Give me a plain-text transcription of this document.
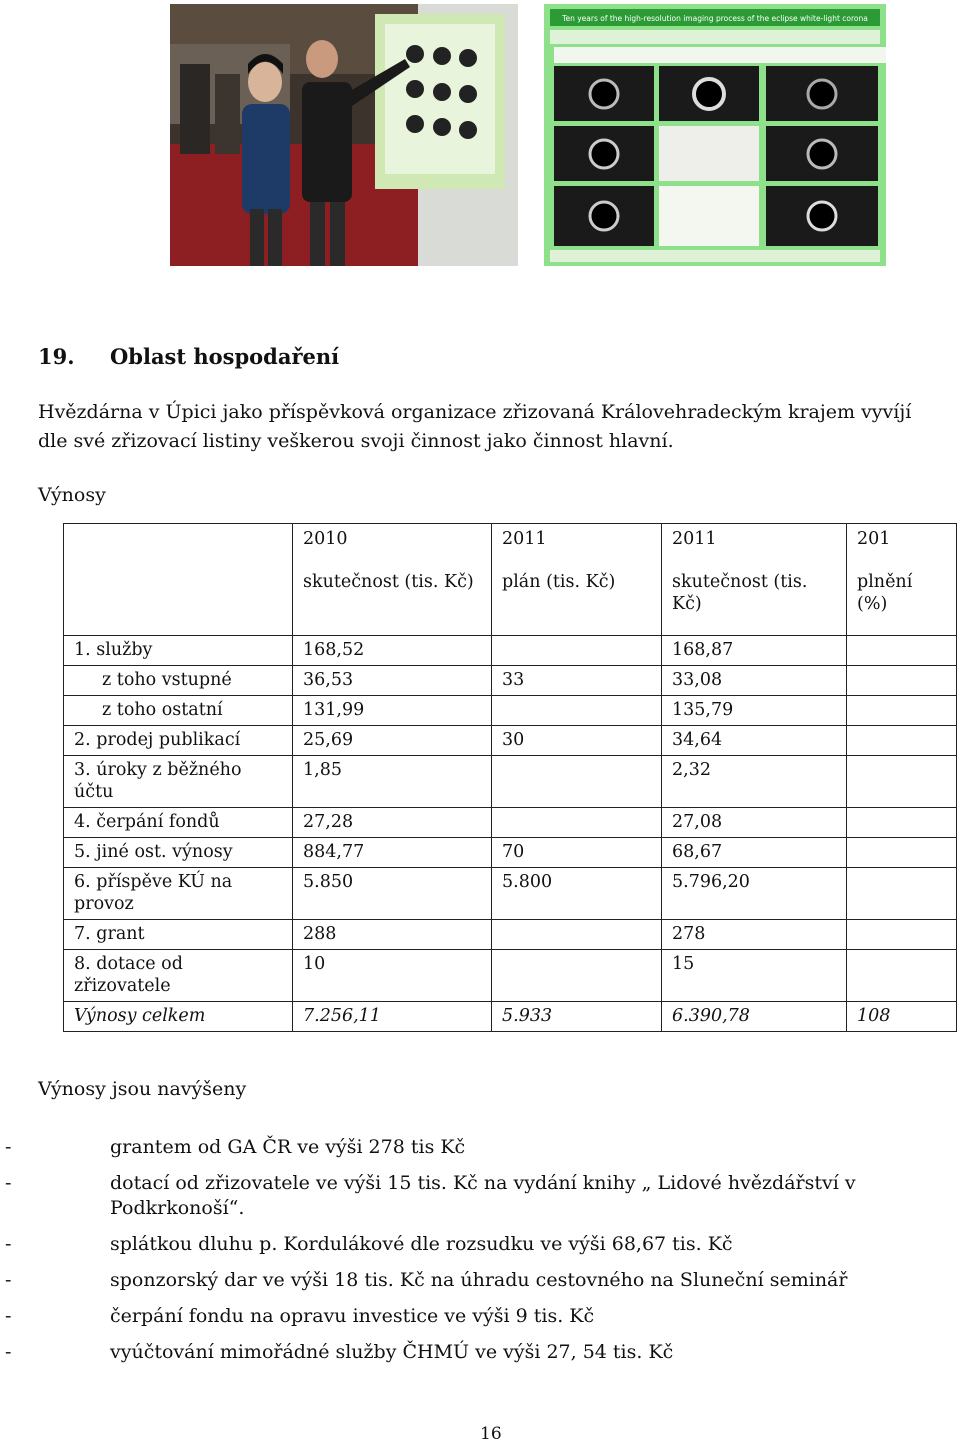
Ten years of the high-resolution imaging process of the eclipse white-light corona
19. Oblast hospodaření
Hvězdárna v Úpici jako příspěvková organizace zřizovaná Královehradeckým krajem vyvíjí dle své zřizovací listiny veškerou svoji činnost jako činnost hlavní.
Výnosy
	2010	2011	2011	201
	skutečnost (tis. Kč)	plán (tis. Kč)	skutečnost (tis. Kč)	plnění (%)
1. služby	168,52		168,87	
z toho vstupné	36,53	33	33,08	
z toho ostatní	131,99		135,79	
2. prodej publikací	25,69	30	34,64	
3. úroky z běžného účtu	1,85		2,32	
4. čerpání fondů	27,28		27,08	
5. jiné ost. výnosy	884,77	70	68,67	
6. příspěve KÚ na provoz	5.850	5.800	5.796,20	
7. grant	288		278	
8. dotace od zřizovatele	10		15	
Výnosy celkem	7.256,11	5.933	6.390,78	108
Výnosy jsou navýšeny
-	grantem od GA ČR ve výši 278 tis Kč
-	dotací od zřizovatele ve výši 15 tis. Kč na vydání knihy „ Lidové hvězdářství v Podkrkonoší“.
-	splátkou dluhu p. Kordulákové dle rozsudku ve výši 68,67 tis. Kč
-	sponzorský dar ve výši 18 tis. Kč na úhradu cestovného na Sluneční seminář
-	čerpání fondu na opravu investice ve výši 9 tis. Kč
-	vyúčtování mimořádné služby ČHMÚ ve výši 27, 54 tis. Kč
16
